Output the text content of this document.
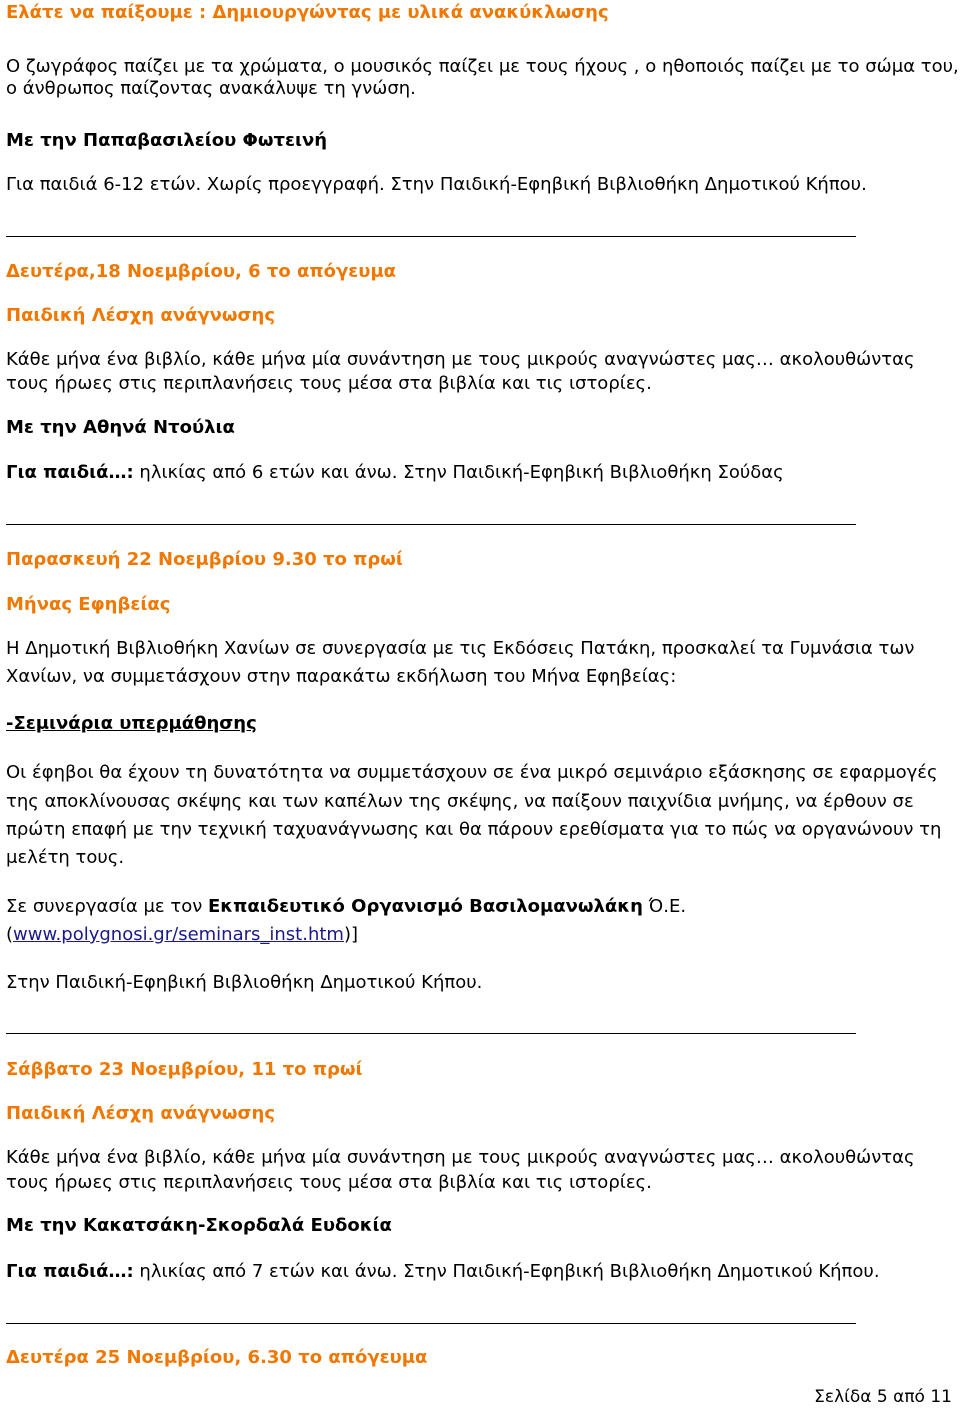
Ελάτε να παίξουμε : Δημιουργώντας με υλικά ανακύκλωσης
Ο ζωγράφος παίζει με τα χρώματα, ο μουσικός παίζει με τους ήχους , ο ηθοποιός παίζει με το σώμα του,
ο άνθρωπος παίζοντας ανακάλυψε τη γνώση.
Με την Παπαβασιλείου Φωτεινή
Για παιδιά 6-12 ετών. Χωρίς προεγγραφή. Στην Παιδική-Εφηβική Βιβλιοθήκη Δημοτικού Κήπου.
Δευτέρα,18 Νοεμβρίου, 6 το απόγευμα
Παιδική Λέσχη ανάγνωσης
Κάθε μήνα ένα βιβλίο, κάθε μήνα μία συνάντηση με τους μικρούς αναγνώστες μας… ακολουθώντας
τους ήρωες στις περιπλανήσεις τους μέσα στα βιβλία και τις ιστορίες.
Με την Αθηνά Ντούλια
Για παιδιά…: ηλικίας από 6 ετών και άνω. Στην Παιδική-Εφηβική Βιβλιοθήκη Σούδας
Παρασκευή 22 Νοεμβρίου 9.30 το πρωί
Μήνας Εφηβείας
Η Δημοτική Βιβλιοθήκη Χανίων σε συνεργασία με τις Εκδόσεις Πατάκη, προσκαλεί τα Γυμνάσια των
Χανίων, να συμμετάσχουν στην παρακάτω εκδήλωση του Μήνα Εφηβείας:
-Σεμινάρια υπερμάθησης
Οι έφηβοι θα έχουν τη δυνατότητα να συμμετάσχουν σε ένα μικρό σεμινάριο εξάσκησης σε εφαρμογές
της αποκλίνουσας σκέψης και των καπέλων της σκέψης, να παίξουν παιχνίδια μνήμης, να έρθουν σε
πρώτη επαφή με την τεχνική ταχυανάγνωσης και θα πάρουν ερεθίσματα για το πώς να οργανώνουν τη
μελέτη τους.
Σε συνεργασία με τον Εκπαιδευτικό Οργανισμό Βασιλομανωλάκη Ό.Ε.
(www.polygnosi.gr/seminars_inst.htm)]
Στην Παιδική-Εφηβική Βιβλιοθήκη Δημοτικού Κήπου.
Σάββατο 23 Νοεμβρίου, 11 το πρωί
Παιδική Λέσχη ανάγνωσης
Κάθε μήνα ένα βιβλίο, κάθε μήνα μία συνάντηση με τους μικρούς αναγνώστες μας… ακολουθώντας
τους ήρωες στις περιπλανήσεις τους μέσα στα βιβλία και τις ιστορίες.
Με την Κακατσάκη-Σκορδαλά Ευδοκία
Για παιδιά…: ηλικίας από 7 ετών και άνω. Στην Παιδική-Εφηβική Βιβλιοθήκη Δημοτικού Κήπου.
Δευτέρα 25 Νοεμβρίου, 6.30 το απόγευμα
Σελίδα 5 από 11
